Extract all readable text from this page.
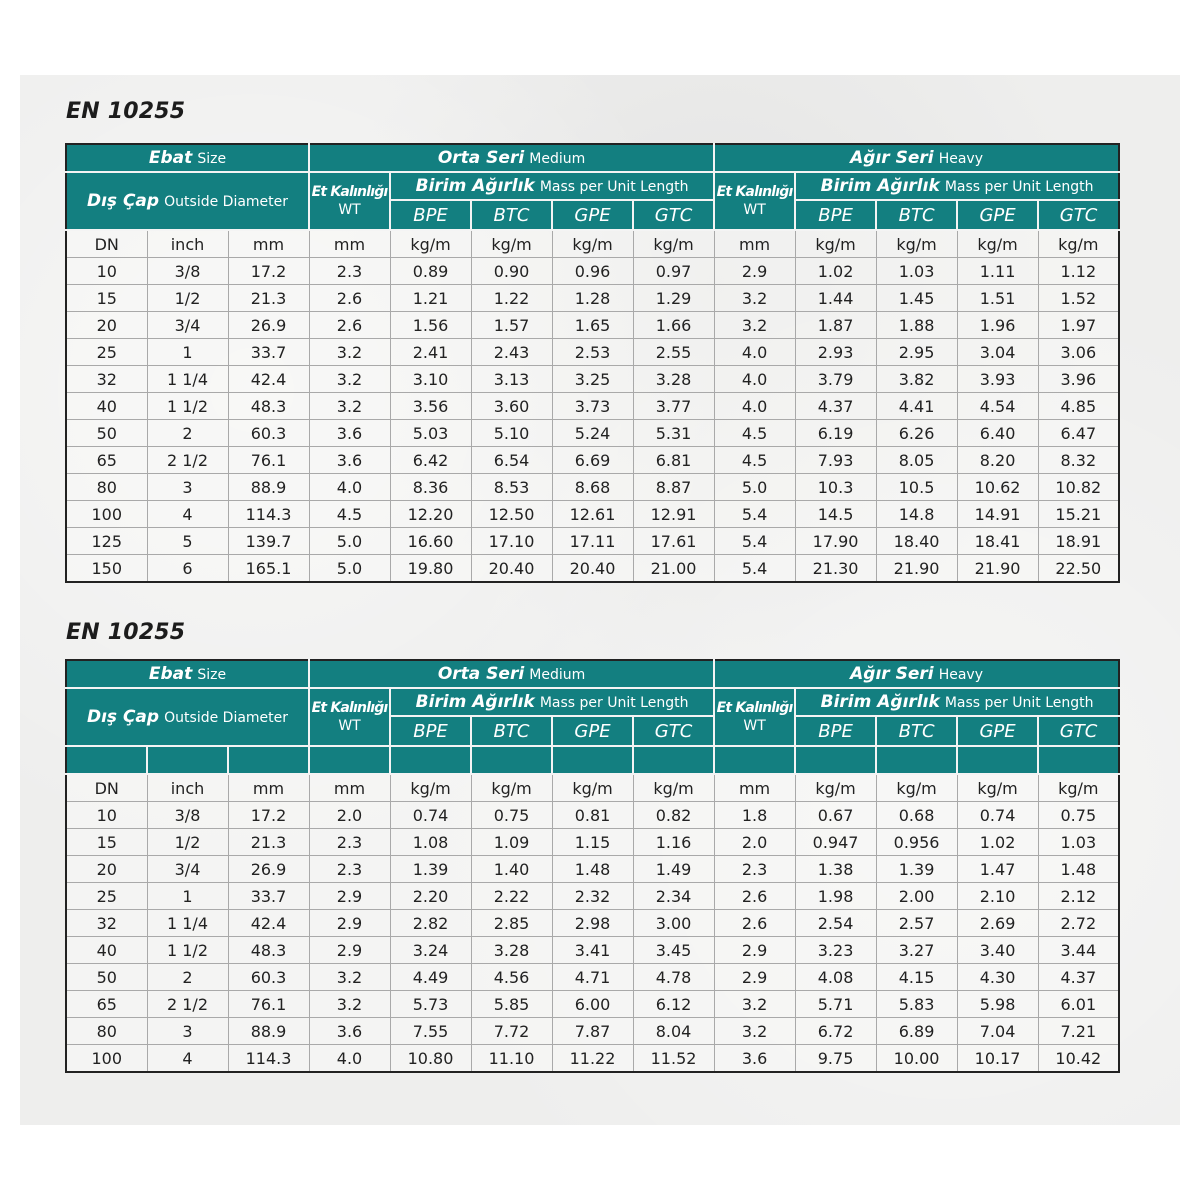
EN 10255
Ebat Size			Orta Seri Medium					Ağır Seri Heavy				
Dış Çap Outside Diameter			Et Kalınlığı
WT	Birim Ağırlık Mass per Unit Length				Et Kalınlığı
WT	Birim Ağırlık Mass per Unit Length			
				BPE	BTC	GPE	GTC		BPE	BTC	GPE	GTC
DN	inch	mm	mm	kg/m	kg/m	kg/m	kg/m	mm	kg/m	kg/m	kg/m	kg/m
10	3/8	17.2	2.3	0.89	0.90	0.96	0.97	2.9	1.02	1.03	1.11	1.12
15	1/2	21.3	2.6	1.21	1.22	1.28	1.29	3.2	1.44	1.45	1.51	1.52
20	3/4	26.9	2.6	1.56	1.57	1.65	1.66	3.2	1.87	1.88	1.96	1.97
25	1	33.7	3.2	2.41	2.43	2.53	2.55	4.0	2.93	2.95	3.04	3.06
32	1 1/4	42.4	3.2	3.10	3.13	3.25	3.28	4.0	3.79	3.82	3.93	3.96
40	1 1/2	48.3	3.2	3.56	3.60	3.73	3.77	4.0	4.37	4.41	4.54	4.85
50	2	60.3	3.6	5.03	5.10	5.24	5.31	4.5	6.19	6.26	6.40	6.47
65	2 1/2	76.1	3.6	6.42	6.54	6.69	6.81	4.5	7.93	8.05	8.20	8.32
80	3	88.9	4.0	8.36	8.53	8.68	8.87	5.0	10.3	10.5	10.62	10.82
100	4	114.3	4.5	12.20	12.50	12.61	12.91	5.4	14.5	14.8	14.91	15.21
125	5	139.7	5.0	16.60	17.10	17.11	17.61	5.4	17.90	18.40	18.41	18.91
150	6	165.1	5.0	19.80	20.40	20.40	21.00	5.4	21.30	21.90	21.90	22.50
EN 10255
Ebat Size			Orta Seri Medium					Ağır Seri Heavy				
Dış Çap Outside Diameter			Et Kalınlığı
WT	Birim Ağırlık Mass per Unit Length				Et Kalınlığı
WT	Birim Ağırlık Mass per Unit Length			
				BPE	BTC	GPE	GTC		BPE	BTC	GPE	GTC

DN	inch	mm	mm	kg/m	kg/m	kg/m	kg/m	mm	kg/m	kg/m	kg/m	kg/m
10	3/8	17.2	2.0	0.74	0.75	0.81	0.82	1.8	0.67	0.68	0.74	0.75
15	1/2	21.3	2.3	1.08	1.09	1.15	1.16	2.0	0.947	0.956	1.02	1.03
20	3/4	26.9	2.3	1.39	1.40	1.48	1.49	2.3	1.38	1.39	1.47	1.48
25	1	33.7	2.9	2.20	2.22	2.32	2.34	2.6	1.98	2.00	2.10	2.12
32	1 1/4	42.4	2.9	2.82	2.85	2.98	3.00	2.6	2.54	2.57	2.69	2.72
40	1 1/2	48.3	2.9	3.24	3.28	3.41	3.45	2.9	3.23	3.27	3.40	3.44
50	2	60.3	3.2	4.49	4.56	4.71	4.78	2.9	4.08	4.15	4.30	4.37
65	2 1/2	76.1	3.2	5.73	5.85	6.00	6.12	3.2	5.71	5.83	5.98	6.01
80	3	88.9	3.6	7.55	7.72	7.87	8.04	3.2	6.72	6.89	7.04	7.21
100	4	114.3	4.0	10.80	11.10	11.22	11.52	3.6	9.75	10.00	10.17	10.42
